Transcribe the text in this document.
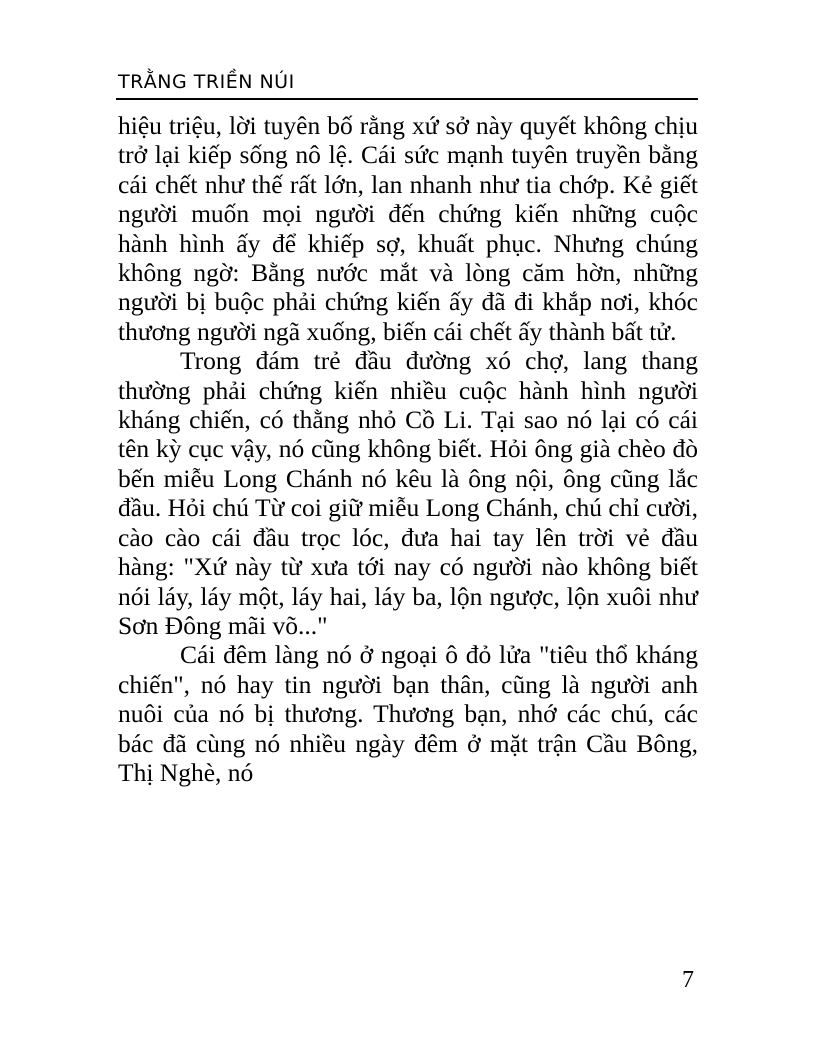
TRẰNG TRIỀN NÚI

hiệu triệu, lời tuyên bố rằng xứ sở này quyết không chịu trở lại kiếp sống nô lệ. Cái sức mạnh tuyên truyền bằng cái chết như thế rất lớn, lan nhanh như tia chớp. Kẻ giết người muốn mọi người đến chứng kiến những cuộc hành hình ấy để khiếp sợ, khuất phục. Nhưng chúng không ngờ: Bằng nước mắt và lòng căm hờn, những người bị buộc phải chứng kiến ấy đã đi khắp nơi, khóc thương người ngã xuống, biến cái chết ấy thành bất tử.

Trong đám trẻ đầu đường xó chợ, lang thang thường phải chứng kiến nhiều cuộc hành hình người kháng chiến, có thằng nhỏ Cồ Li. Tại sao nó lại có cái tên kỳ cục vậy, nó cũng không biết. Hỏi ông già chèo đò bến miễu Long Chánh nó kêu là ông nội, ông cũng lắc đầu. Hỏi chú Từ coi giữ miễu Long Chánh, chú chỉ cười, cào cào cái đầu trọc lóc, đưa hai tay lên trời vẻ đầu hàng: "Xứ này từ xưa tới nay có người nào không biết nói láy, láy một, láy hai, láy ba, lộn ngược, lộn xuôi như Sơn Đông mãi võ..."

Cái đêm làng nó ở ngoại ô đỏ lửa "tiêu thổ kháng chiến", nó hay tin người bạn thân, cũng là người anh nuôi của nó bị thương. Thương bạn, nhớ các chú, các bác đã cùng nó nhiều ngày đêm ở mặt trận Cầu Bông, Thị Nghè, nó

7
